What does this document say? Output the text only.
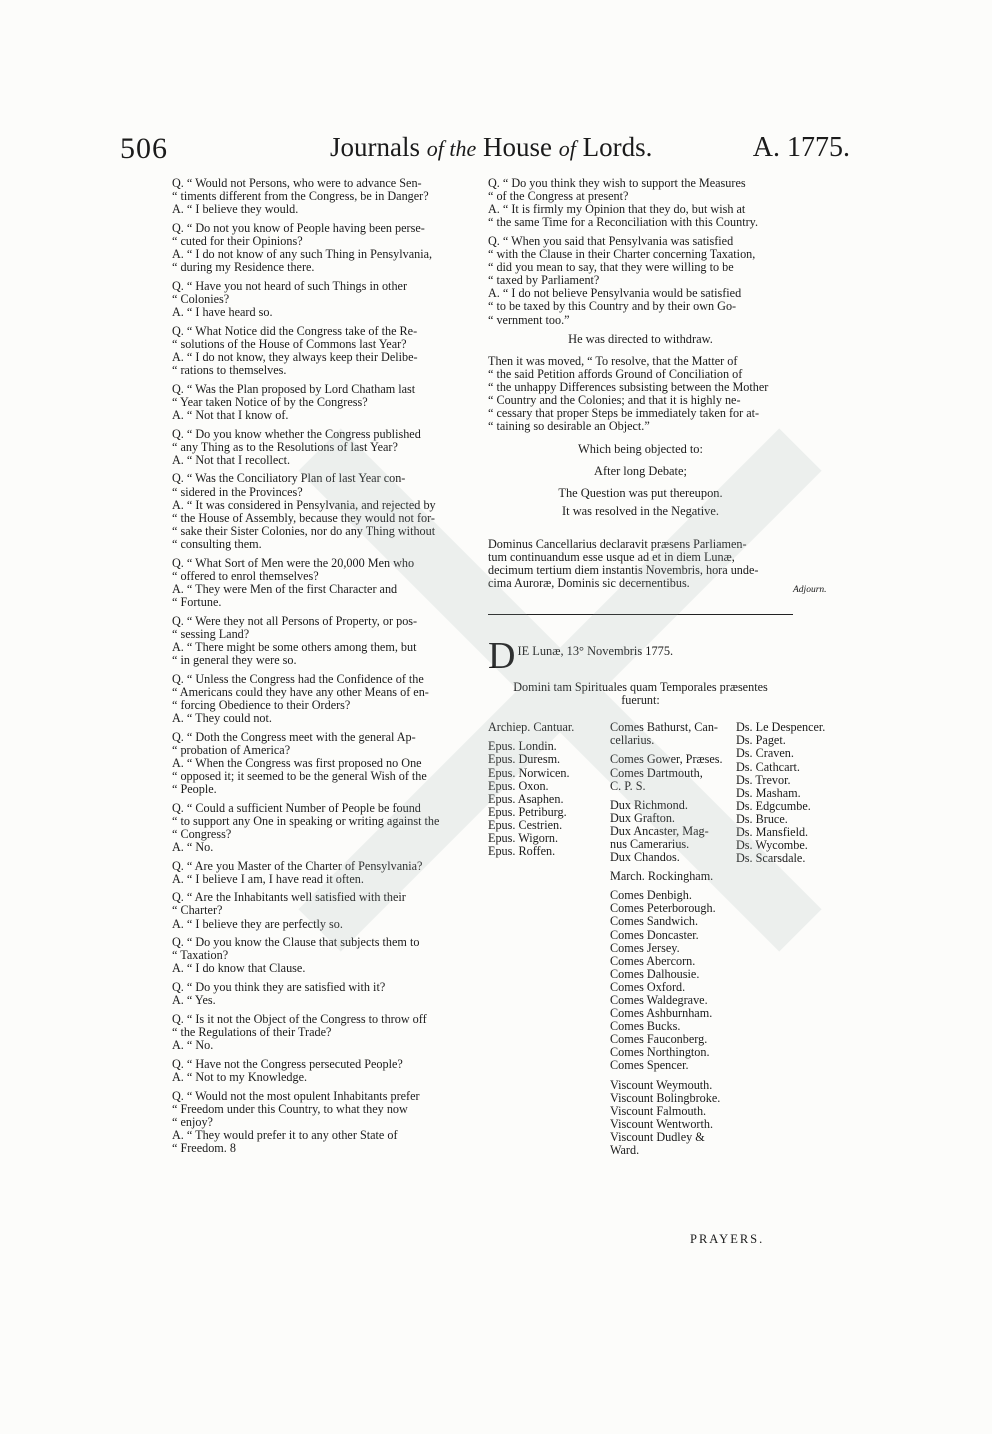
506	Journals of the House of Lords.	A. 1775.
Q. “ Would not Persons, who were to advance Sen-
“ timents different from the Congress, be in Danger?
A. “ I believe they would.
Q. “ Do not you know of People having been perse-
“ cuted for their Opinions?
A. “ I do not know of any such Thing in Pensylvania,
“ during my Residence there.
Q. “ Have you not heard of such Things in other
“ Colonies?
A. “ I have heard so.
Q. “ What Notice did the Congress take of the Re-
“ solutions of the House of Commons last Year?
A. “ I do not know, they always keep their Delibe-
“ rations to themselves.
Q. “ Was the Plan proposed by Lord Chatham last
“ Year taken Notice of by the Congress?
A. “ Not that I know of.
Q. “ Do you know whether the Congress published
“ any Thing as to the Resolutions of last Year?
A. “ Not that I recollect.
Q. “ Was the Conciliatory Plan of last Year con-
“ sidered in the Provinces?
A. “ It was considered in Pensylvania, and rejected by
“ the House of Assembly, because they would not for-
“ sake their Sister Colonies, nor do any Thing without
“ consulting them.
Q. “ What Sort of Men were the 20,000 Men who
“ offered to enrol themselves?
A. “ They were Men of the first Character and
“ Fortune.
Q. “ Were they not all Persons of Property, or pos-
“ sessing Land?
A. “ There might be some others among them, but
“ in general they were so.
Q. “ Unless the Congress had the Confidence of the
“ Americans could they have any other Means of en-
“ forcing Obedience to their Orders?
A. “ They could not.
Q. “ Doth the Congress meet with the general Ap-
“ probation of America?
A. “ When the Congress was first proposed no One
“ opposed it; it seemed to be the general Wish of the
“ People.
Q. “ Could a sufficient Number of People be found
“ to support any One in speaking or writing against the
“ Congress?
A. “ No.
Q. “ Are you Master of the Charter of Pensylvania?
A. “ I believe I am, I have read it often.
Q. “ Are the Inhabitants well satisfied with their
“ Charter?
A. “ I believe they are perfectly so.
Q. “ Do you know the Clause that subjects them to
“ Taxation?
A. “ I do know that Clause.
Q. “ Do you think they are satisfied with it?
A. “ Yes.
Q. “ Is it not the Object of the Congress to throw off
“ the Regulations of their Trade?
A. “ No.
Q. “ Have not the Congress persecuted People?
A. “ Not to my Knowledge.
Q. “ Would not the most opulent Inhabitants prefer
“ Freedom under this Country, to what they now
“ enjoy?
A. “ They would prefer it to any other State of
“ Freedom. 8
Q. “ Do you think they wish to support the Measures
“ of the Congress at present?
A. “ It is firmly my Opinion that they do, but wish at
“ the same Time for a Reconciliation with this Country.
Q. “ When you said that Pensylvania was satisfied
“ with the Clause in their Charter concerning Taxation,
“ did you mean to say, that they were willing to be
“ taxed by Parliament?
A. “ I do not believe Pensylvania would be satisfied
“ to be taxed by this Country and by their own Go-
“ vernment too.”
He was directed to withdraw.
Then it was moved, “ To resolve, that the Matter of
“ the said Petition affords Ground of Conciliation of
“ the unhappy Differences subsisting between the Mother
“ Country and the Colonies; and that it is highly ne-
“ cessary that proper Steps be immediately taken for at-
“ taining so desirable an Object.”
Which being objected to:
After long Debate;
The Question was put thereupon.
It was resolved in the Negative.
Dominus Cancellarius declaravit præsens Parliamen-
tum continuandum esse usque ad et in diem Lunæ,
decimum tertium diem instantis Novembris, hora unde-
cima Auroræ, Dominis sic decernentibus.
D IE Lunæ, 13° Novembris 1775.
Domini tam Spirituales quam Temporales præsentes
fuerunt:
Archiep. Cantuar.
Epus. Londin.
Epus. Duresm.
Epus. Norwicen.
Epus. Oxon.
Epus. Asaphen.
Epus. Petriburg.
Epus. Cestrien.
Epus. Wigorn.
Epus. Roffen.
Comes Bathurst, Can-
cellarius.
Comes Gower, Præses.
Comes Dartmouth,
C. P. S.
Dux Richmond.
Dux Grafton.
Dux Ancaster, Mag-
nus Camerarius.
Dux Chandos.
March. Rockingham.
Comes Denbigh.
Comes Peterborough.
Comes Sandwich.
Comes Doncaster.
Comes Jersey.
Comes Abercorn.
Comes Dalhousie.
Comes Oxford.
Comes Waldegrave.
Comes Ashburnham.
Comes Bucks.
Comes Fauconberg.
Comes Northington.
Comes Spencer.
Viscount Weymouth.
Viscount Bolingbroke.
Viscount Falmouth.
Viscount Wentworth.
Viscount Dudley &
Ward.
Ds. Le Despencer.
Ds. Paget.
Ds. Craven.
Ds. Cathcart.
Ds. Trevor.
Ds. Masham.
Ds. Edgcumbe.
Ds. Bruce.
Ds. Mansfield.
Ds. Wycombe.
Ds. Scarsdale.
Adjourn.
PRAYERS.
